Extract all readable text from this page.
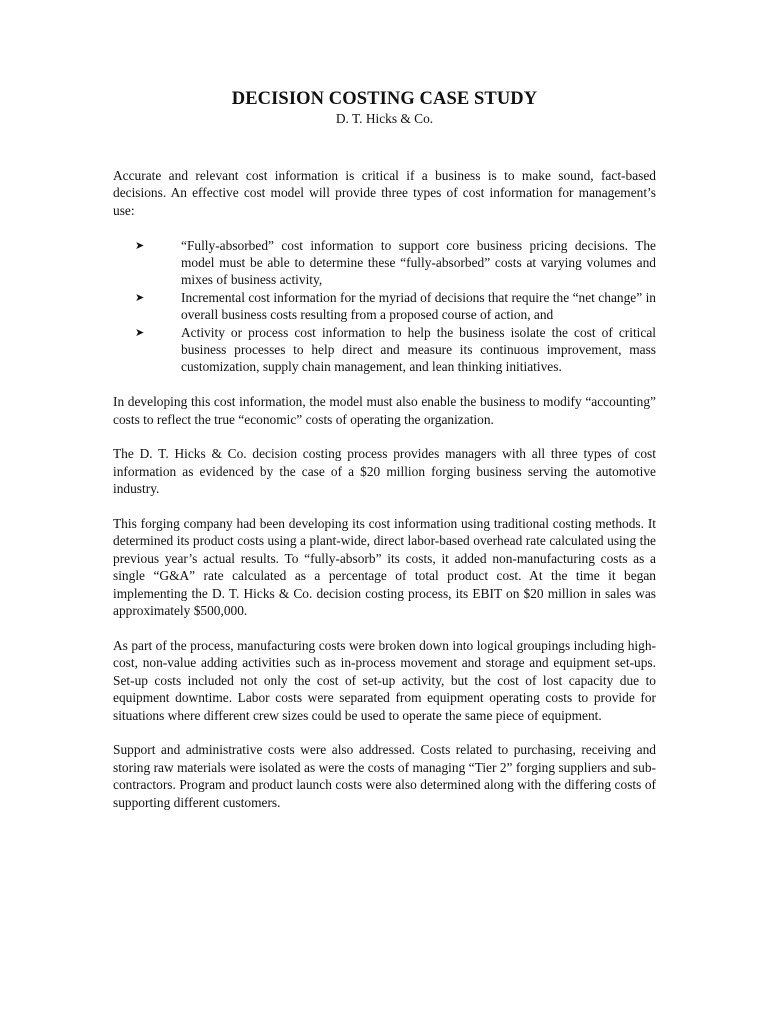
DECISION COSTING CASE STUDY
D. T. Hicks & Co.

Accurate and relevant cost information is critical if a business is to make sound, fact-based decisions. An effective cost model will provide three types of cost information for management’s use:

➤	“Fully-absorbed” cost information to support core business pricing decisions. The model must be able to determine these “fully-absorbed” costs at varying volumes and mixes of business activity,
➤	Incremental cost information for the myriad of decisions that require the “net change” in overall business costs resulting from a proposed course of action, and
➤	Activity or process cost information to help the business isolate the cost of critical business processes to help direct and measure its continuous improvement, mass customization, supply chain management, and lean thinking initiatives.

In developing this cost information, the model must also enable the business to modify “accounting” costs to reflect the true “economic” costs of operating the organization.

The D. T. Hicks & Co. decision costing process provides managers with all three types of cost information as evidenced by the case of a $20 million forging business serving the automotive industry.

This forging company had been developing its cost information using traditional costing methods. It determined its product costs using a plant-wide, direct labor-based overhead rate calculated using the previous year’s actual results. To “fully-absorb” its costs, it added non-manufacturing costs as a single “G&A” rate calculated as a percentage of total product cost. At the time it began implementing the D. T. Hicks & Co. decision costing process, its EBIT on $20 million in sales was approximately $500,000.

As part of the process, manufacturing costs were broken down into logical groupings including high-cost, non-value adding activities such as in-process movement and storage and equipment set-ups. Set-up costs included not only the cost of set-up activity, but the cost of lost capacity due to equipment downtime. Labor costs were separated from equipment operating costs to provide for situations where different crew sizes could be used to operate the same piece of equipment.

Support and administrative costs were also addressed. Costs related to purchasing, receiving and storing raw materials were isolated as were the costs of managing “Tier 2” forging suppliers and sub-contractors. Program and product launch costs were also determined along with the differing costs of supporting different customers.
